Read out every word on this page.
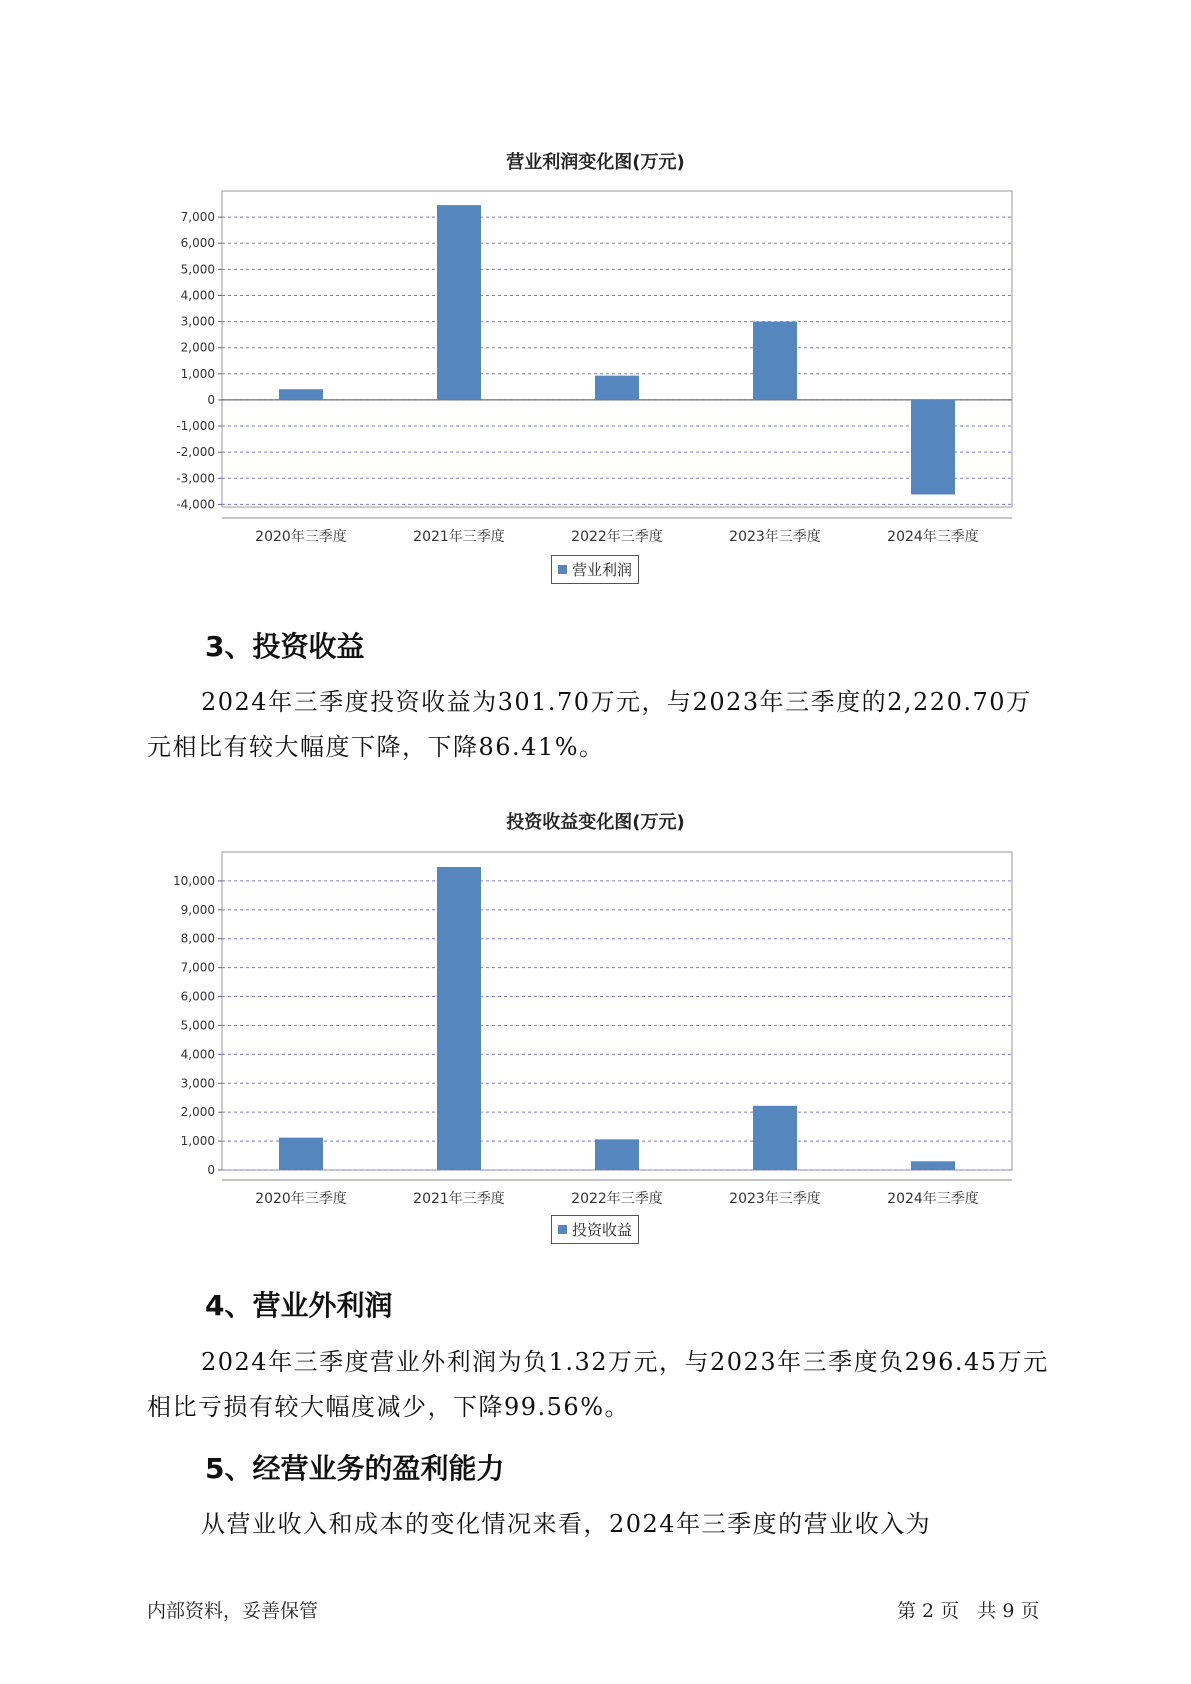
营业利润变化图(万元)
7,000
6,000
5,000
4,000
3,000
2,000
1,000
0
-1,000
-2,000
-3,000
-4,000
2020年三季度	2021年三季度	2022年三季度	2023年三季度	2024年三季度
营业利润
3、投资收益
2024年三季度投资收益为301.70万元，与2023年三季度的2,220.70万元相比有较大幅度下降，下降86.41%。
投资收益变化图(万元)
10,000
9,000
8,000
7,000
6,000
5,000
4,000
3,000
2,000
1,000
0
2020年三季度	2021年三季度	2022年三季度	2023年三季度	2024年三季度
投资收益
4、营业外利润
2024年三季度营业外利润为负1.32万元，与2023年三季度负296.45万元相比亏损有较大幅度减少，下降99.56%。
5、经营业务的盈利能力
从营业收入和成本的变化情况来看，2024年三季度的营业收入为
内部资料，妥善保管	第 2 页   共 9 页
